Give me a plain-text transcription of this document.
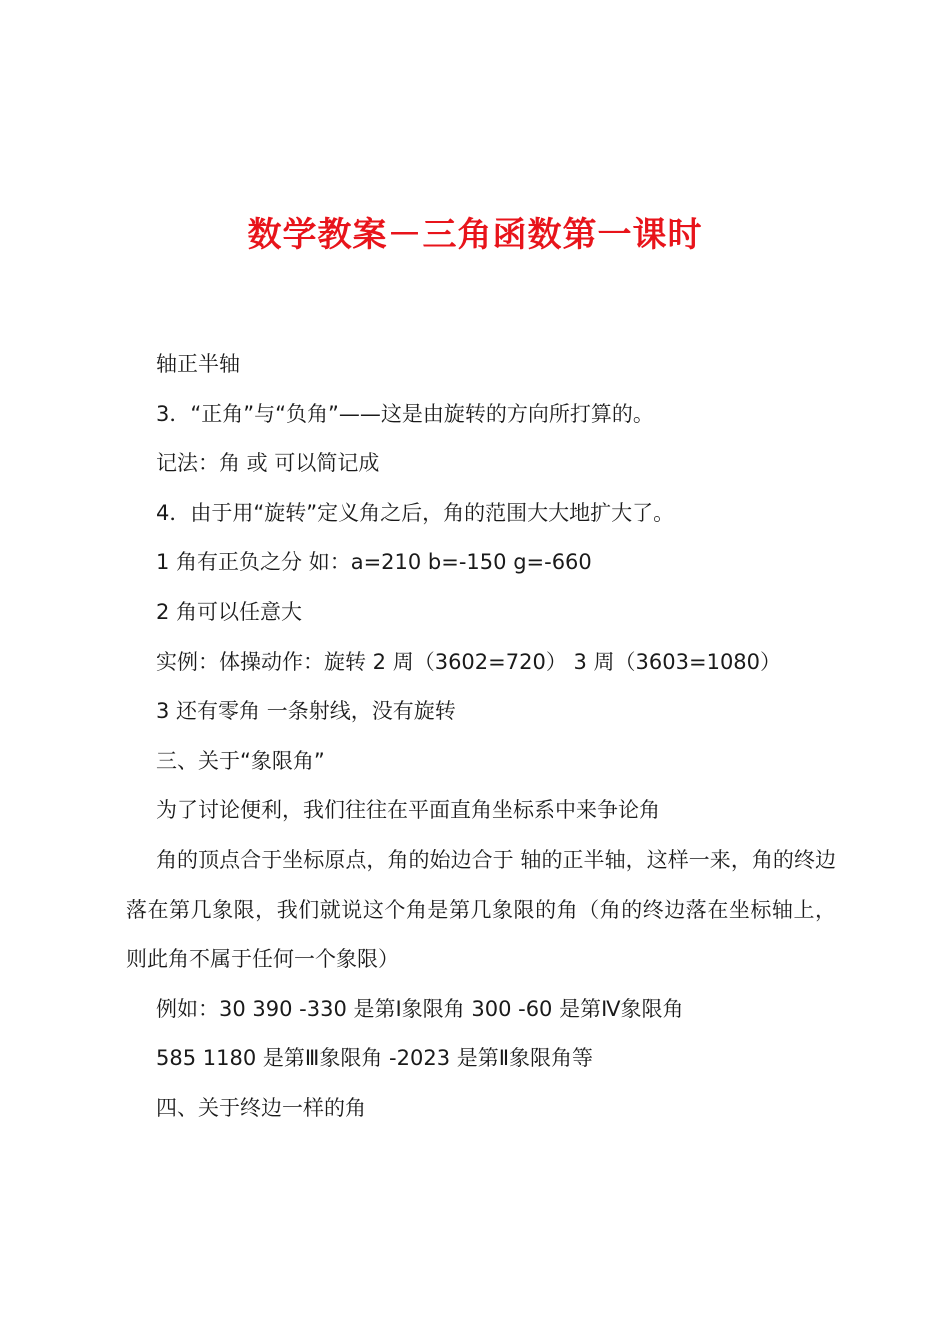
数学教案－三角函数第一课时

轴正半轴

3．“正角”与“负角”——这是由旋转的方向所打算的。

记法：角 或 可以简记成

4．由于用“旋转”定义角之后，角的范围大大地扩大了。

1 角有正负之分 如：a=210 b=-150 g=-660

2 角可以任意大

实例：体操动作：旋转 2 周（3602=720） 3 周（3603=1080）

3 还有零角 一条射线，没有旋转

三、关于“象限角”

为了讨论便利，我们往往在平面直角坐标系中来争论角

角的顶点合于坐标原点，角的始边合于 轴的正半轴，这样一来，角的终边落在第几象限，我们就说这个角是第几象限的角（角的终边落在坐标轴上，则此角不属于任何一个象限）

例如：30 390 -330 是第Ⅰ象限角 300 -60 是第Ⅳ象限角

585 1180 是第Ⅲ象限角 -2023 是第Ⅱ象限角等

四、关于终边一样的角
